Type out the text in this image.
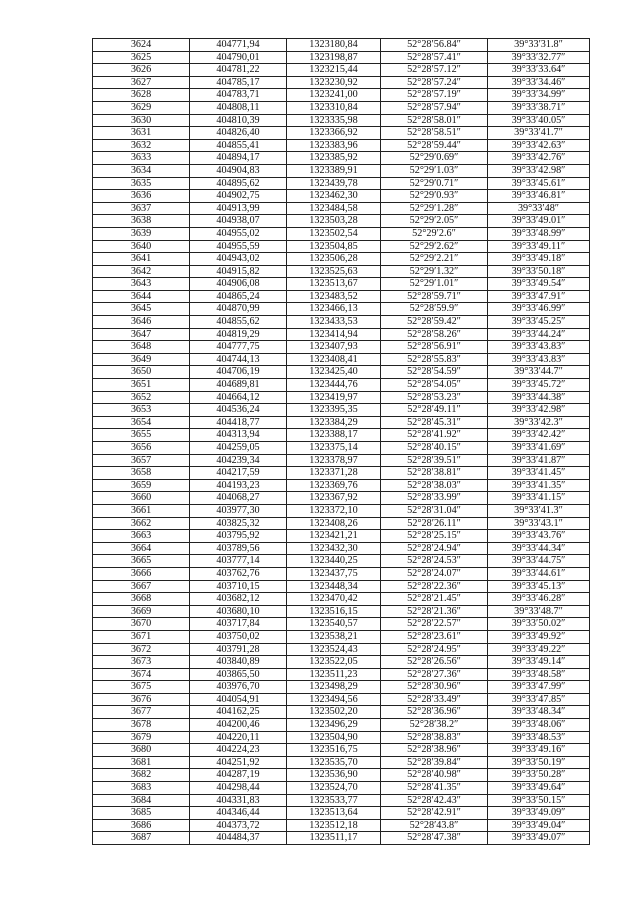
3624	404771,94	1323180,84	52°28′56.84″	39°33′31.8″
3625	404790,01	1323198,87	52°28′57.41″	39°33′32.77″
3626	404781,22	1323215,44	52°28′57.12″	39°33′33.64″
3627	404785,17	1323230,92	52°28′57.24″	39°33′34.46″
3628	404783,71	1323241,00	52°28′57.19″	39°33′34.99″
3629	404808,11	1323310,84	52°28′57.94″	39°33′38.71″
3630	404810,39	1323335,98	52°28′58.01″	39°33′40.05″
3631	404826,40	1323366,92	52°28′58.51″	39°33′41.7″
3632	404855,41	1323383,96	52°28′59.44″	39°33′42.63″
3633	404894,17	1323385,92	52°29′0.69″	39°33′42.76″
3634	404904,83	1323389,91	52°29′1.03″	39°33′42.98″
3635	404895,62	1323439,78	52°29′0.71″	39°33′45.61″
3636	404902,75	1323462,30	52°29′0.93″	39°33′46.81″
3637	404913,99	1323484,58	52°29′1.28″	39°33′48″
3638	404938,07	1323503,28	52°29′2.05″	39°33′49.01″
3639	404955,02	1323502,54	52°29′2.6″	39°33′48.99″
3640	404955,59	1323504,85	52°29′2.62″	39°33′49.11″
3641	404943,02	1323506,28	52°29′2.21″	39°33′49.18″
3642	404915,82	1323525,63	52°29′1.32″	39°33′50.18″
3643	404906,08	1323513,67	52°29′1.01″	39°33′49.54″
3644	404865,24	1323483,52	52°28′59.71″	39°33′47.91″
3645	404870,99	1323466,13	52°28′59.9″	39°33′46.99″
3646	404855,62	1323433,53	52°28′59.42″	39°33′45.25″
3647	404819,29	1323414,94	52°28′58.26″	39°33′44.24″
3648	404777,75	1323407,93	52°28′56.91″	39°33′43.83″
3649	404744,13	1323408,41	52°28′55.83″	39°33′43.83″
3650	404706,19	1323425,40	52°28′54.59″	39°33′44.7″
3651	404689,81	1323444,76	52°28′54.05″	39°33′45.72″
3652	404664,12	1323419,97	52°28′53.23″	39°33′44.38″
3653	404536,24	1323395,35	52°28′49.11″	39°33′42.98″
3654	404418,77	1323384,29	52°28′45.31″	39°33′42.3″
3655	404313,94	1323388,17	52°28′41.92″	39°33′42.42″
3656	404259,05	1323375,14	52°28′40.15″	39°33′41.69″
3657	404239,34	1323378,97	52°28′39.51″	39°33′41.87″
3658	404217,59	1323371,28	52°28′38.81″	39°33′41.45″
3659	404193,23	1323369,76	52°28′38.03″	39°33′41.35″
3660	404068,27	1323367,92	52°28′33.99″	39°33′41.15″
3661	403977,30	1323372,10	52°28′31.04″	39°33′41.3″
3662	403825,32	1323408,26	52°28′26.11″	39°33′43.1″
3663	403795,92	1323421,21	52°28′25.15″	39°33′43.76″
3664	403789,56	1323432,30	52°28′24.94″	39°33′44.34″
3665	403777,14	1323440,25	52°28′24.53″	39°33′44.75″
3666	403762,76	1323437,75	52°28′24.07″	39°33′44.61″
3667	403710,15	1323448,34	52°28′22.36″	39°33′45.13″
3668	403682,12	1323470,42	52°28′21.45″	39°33′46.28″
3669	403680,10	1323516,15	52°28′21.36″	39°33′48.7″
3670	403717,84	1323540,57	52°28′22.57″	39°33′50.02″
3671	403750,02	1323538,21	52°28′23.61″	39°33′49.92″
3672	403791,28	1323524,43	52°28′24.95″	39°33′49.22″
3673	403840,89	1323522,05	52°28′26.56″	39°33′49.14″
3674	403865,50	1323511,23	52°28′27.36″	39°33′48.58″
3675	403976,70	1323498,29	52°28′30.96″	39°33′47.99″
3676	404054,91	1323494,56	52°28′33.49″	39°33′47.85″
3677	404162,25	1323502,20	52°28′36.96″	39°33′48.34″
3678	404200,46	1323496,29	52°28′38.2″	39°33′48.06″
3679	404220,11	1323504,90	52°28′38.83″	39°33′48.53″
3680	404224,23	1323516,75	52°28′38.96″	39°33′49.16″
3681	404251,92	1323535,70	52°28′39.84″	39°33′50.19″
3682	404287,19	1323536,90	52°28′40.98″	39°33′50.28″
3683	404298,44	1323524,70	52°28′41.35″	39°33′49.64″
3684	404331,83	1323533,77	52°28′42.43″	39°33′50.15″
3685	404346,44	1323513,64	52°28′42.91″	39°33′49.09″
3686	404373,72	1323512,18	52°28′43.8″	39°33′49.04″
3687	404484,37	1323511,17	52°28′47.38″	39°33′49.07″
